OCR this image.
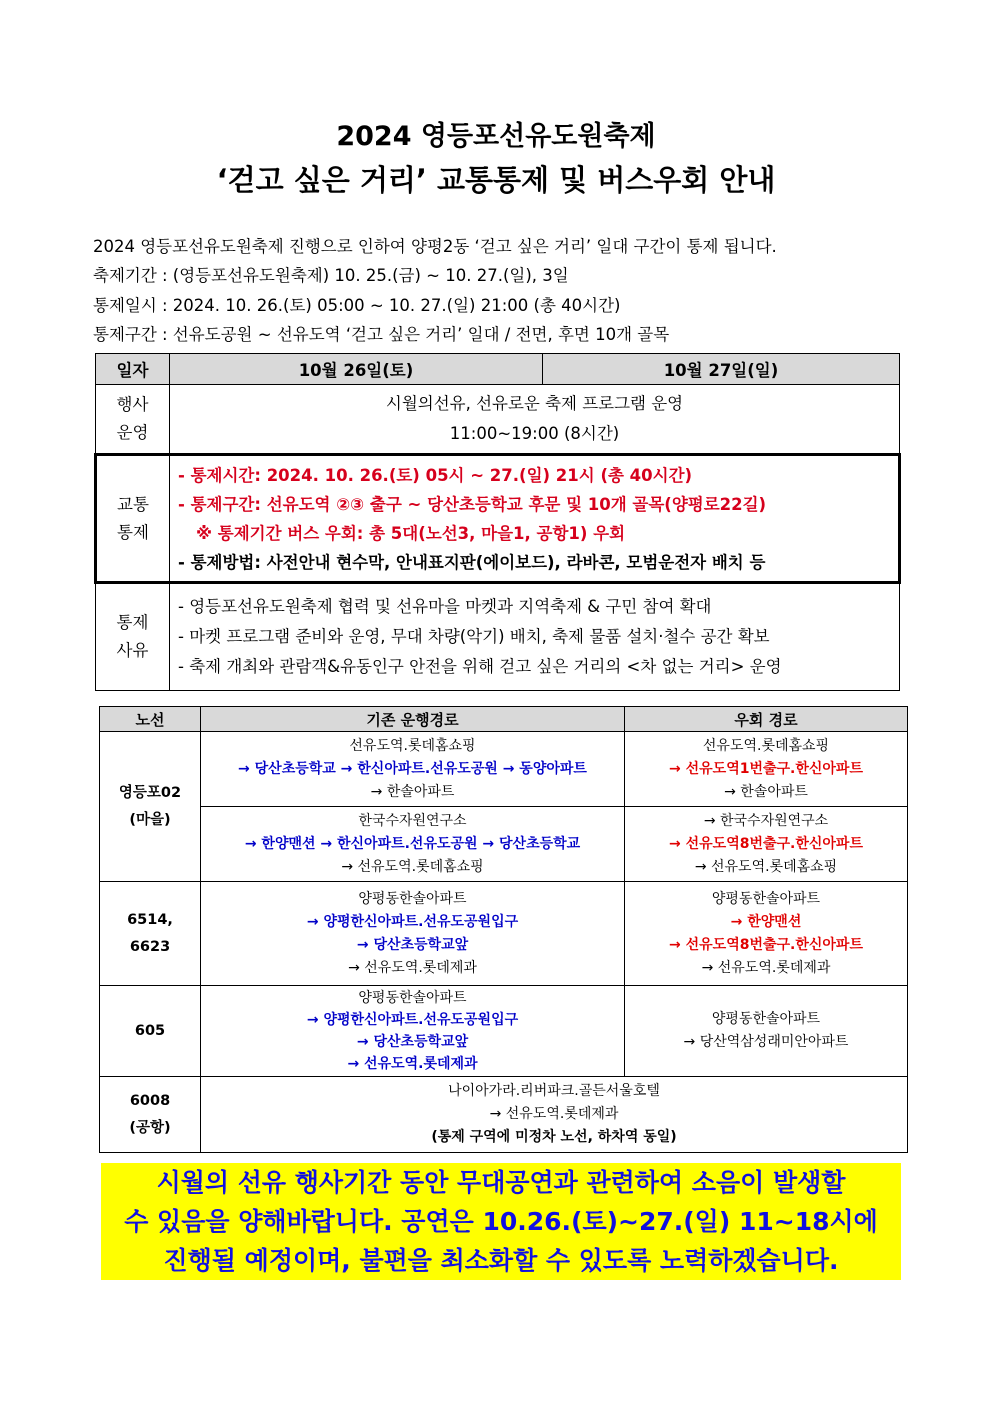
2024 영등포선유도원축제
‘걷고 싶은 거리’ 교통통제 및 버스우회 안내
2024 영등포선유도원축제 진행으로 인하여 양평2동 ‘걷고 싶은 거리’ 일대 구간이 통제 됩니다.
축제기간 : (영등포선유도원축제) 10. 25.(금) ~ 10. 27.(일), 3일
통제일시 : 2024. 10. 26.(토) 05:00 ~ 10. 27.(일) 21:00 (총 40시간)
통제구간 : 선유도공원 ~ 선유도역 ‘걷고 싶은 거리’ 일대 / 전면, 후면 10개 골목
일자	10월 26일(토)	10월 27일(일)

행사
운영	시월의선유, 선유로운 축제 프로그램 운영
11:00~19:00 (8시간)	

교통
통제	- 통제시간: 2024. 10. 26.(토) 05시 ~ 27.(일) 21시 (총 40시간)
- 통제구간: 선유도역 ②③ 출구 ~ 당산초등학교 후문 및 10개 골목(양평로22길)
※ 통제기간 버스 우회: 총 5대(노선3, 마을1, 공항1) 우회
- 통제방법: 사전안내 현수막, 안내표지판(에이보드), 라바콘, 모범운전자 배치 등	

통제
사유	- 영등포선유도원축제 협력 및 선유마을 마켓과 지역축제 & 구민 참여 확대
- 마켓 프로그램 준비와 운영, 무대 차량(악기) 배치, 축제 물품 설치·철수 공간 확보
- 축제 개최와 관람객&유동인구 안전을 위해 걷고 싶은 거리의 <차 없는 거리> 운영	
노선	기존 운행경로	우회 경로

영등포02
(마을)	선유도역.롯데홈쇼핑
→ 당산초등학교 → 한신아파트.선유도공원 → 동양아파트
→ 한솔아파트	선유도역.롯데홈쇼핑
→ 선유도역1번출구.한신아파트
→ 한솔아파트

	한국수자원연구소
→ 한양맨션 → 한신아파트.선유도공원 → 당산초등학교
→ 선유도역.롯데홈쇼핑	→ 한국수자원연구소
→ 선유도역8번출구.한신아파트
→ 선유도역.롯데홈쇼핑

6514,
6623	양평동한솔아파트
→ 양평한신아파트.선유도공원입구
→ 당산초등학교앞
→ 선유도역.롯데제과	양평동한솔아파트
→ 한양맨션
→ 선유도역8번출구.한신아파트
→ 선유도역.롯데제과

605	양평동한솔아파트
→ 양평한신아파트.선유도공원입구
→ 당산초등학교앞
→ 선유도역.롯데제과	양평동한솔아파트
→ 당산역삼성래미안아파트

6008
(공항)	나이아가라.리버파크.골든서울호텔
→ 선유도역.롯데제과
(통제 구역에 미정차 노선, 하차역 동일)	
시월의 선유 행사기간 동안 무대공연과 관련하여 소음이 발생할
수 있음을 양해바랍니다. 공연은 10.26.(토)~27.(일) 11~18시에
진행될 예정이며, 불편을 최소화할 수 있도록 노력하겠습니다.
